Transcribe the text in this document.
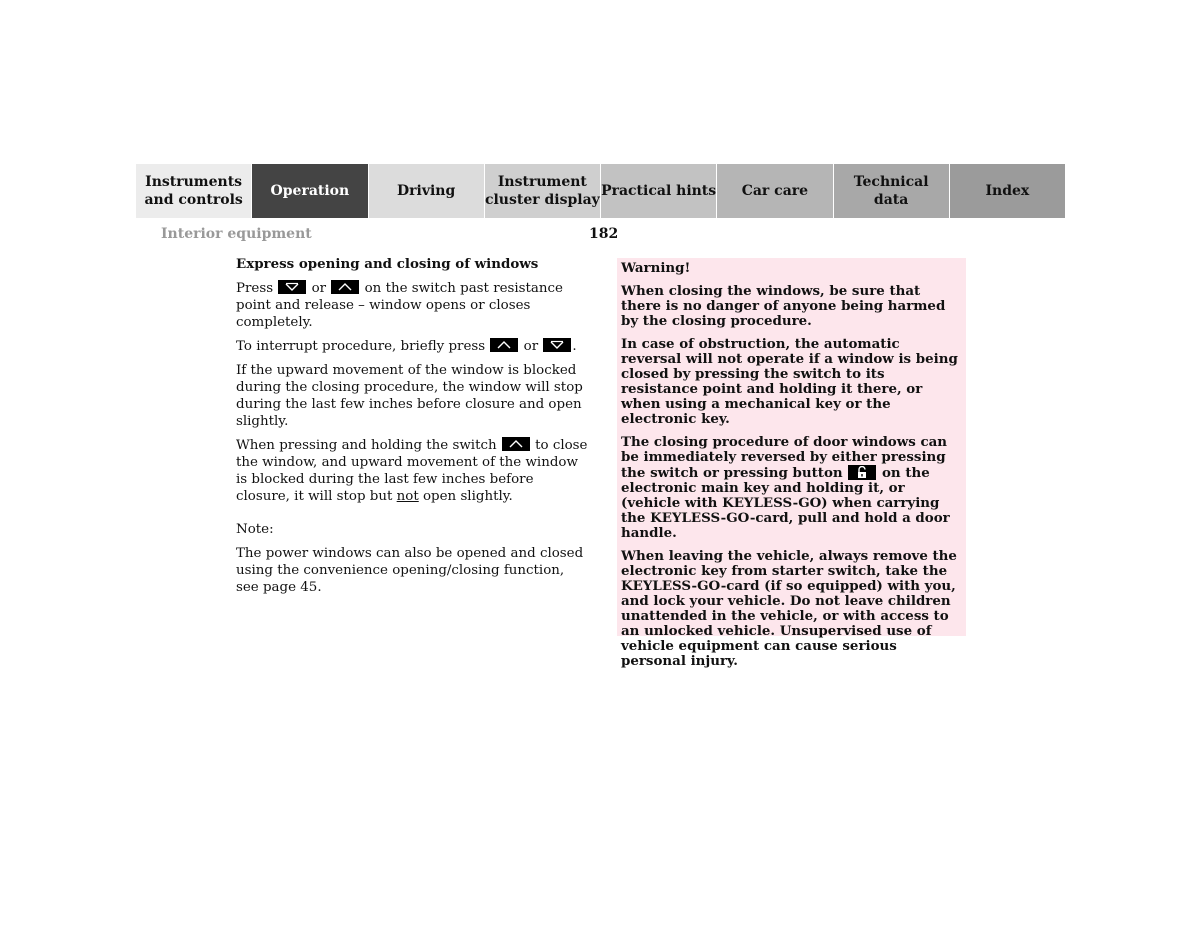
Instruments
and controls
Operation	Driving
Instrument
cluster display
Practical hints Car care
Technical
data
Index
Interior equipment	182
Express opening and closing of windows

Press	or	on the switch past resistance point and release – window opens or closes completely.

To interrupt procedure, briefly press	or	.

If the upward movement of the window is blocked during the closing procedure, the window will stop during the last few inches before closure and open slightly.

When pressing and holding the switch	to close the window, and upward movement of the window is blocked during the last few inches before closure, it will stop but not open slightly.

Note:

The power windows can also be opened and closed using the convenience opening/closing function, see page 45.

Warning!

When closing the windows, be sure that there is no danger of anyone being harmed by the closing procedure.

In case of obstruction, the automatic reversal will not operate if a window is being closed by pressing the switch to its resistance point and holding it there, or when using a mechanical key or the electronic key.

The closing procedure of door windows can be immediately reversed by either pressing the switch or pressing button	on the electronic main key and holding it, or (vehicle with KEYLESS-GO) when carrying the KEYLESS-GO-card, pull and hold a door handle.

When leaving the vehicle, always remove the electronic key from starter switch, take the KEYLESS-GO-card (if so equipped) with you, and lock your vehicle. Do not leave children unattended in the vehicle, or with access to an unlocked vehicle. Unsupervised use of vehicle equipment can cause serious personal injury.
